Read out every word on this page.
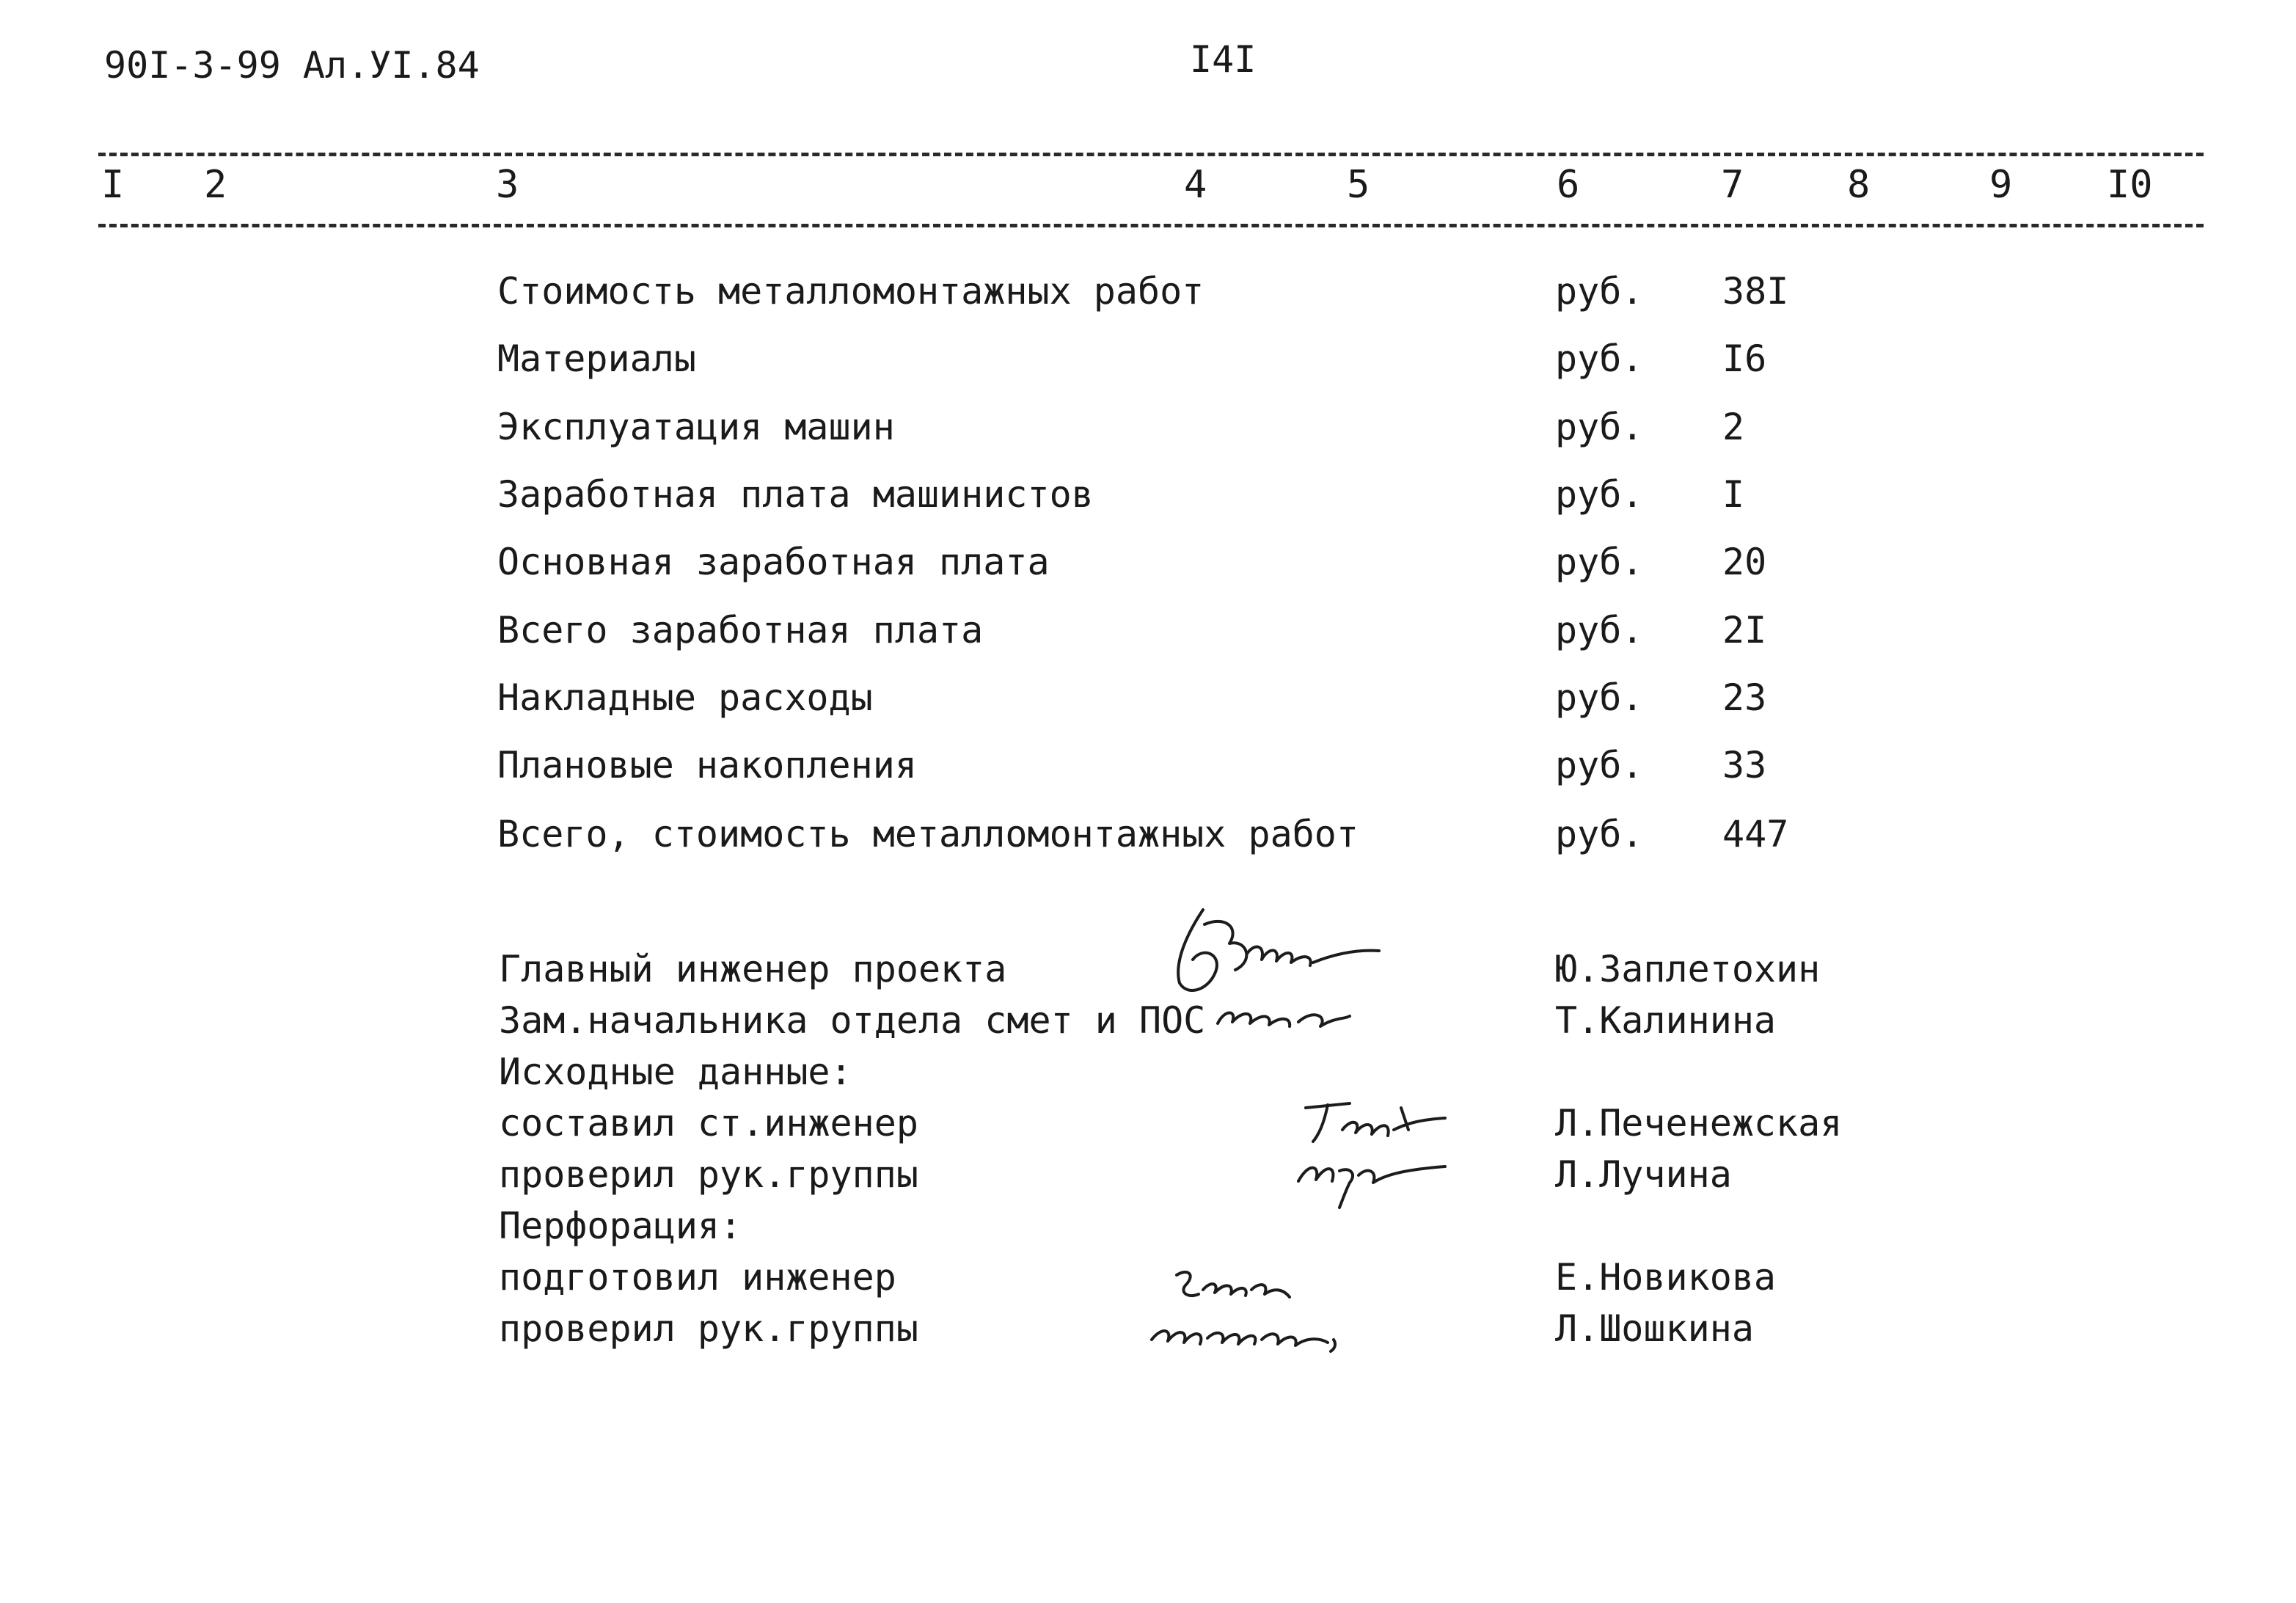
90I-3-99 Ал.УI.84	I4I
I 2	3	4	5	6	7	8	9 I0
Стоимость металломонтажных работ	руб. 38I
Материалы	руб. I6
Эксплуатация машин	руб. 2
Заработная плата машинистов	руб. I
Основная заработная плата	руб. 20
Всего заработная плата	руб. 2I
Накладные расходы	руб. 23
Плановые накопления	руб. 33
Всего, стоимость металломонтажных работ	руб. 447
Главный инженер проекта	Ю.Заплетохин
Зам.начальника отдела смет и ПОС	Т.Калинина
Исходные данные:
составил ст.инженер	Л.Печенежская
проверил рук.группы	Л.Лучина
Перфорация:
подготовил инженер	Е.Новикова
проверил рук.группы	Л.Шошкина
